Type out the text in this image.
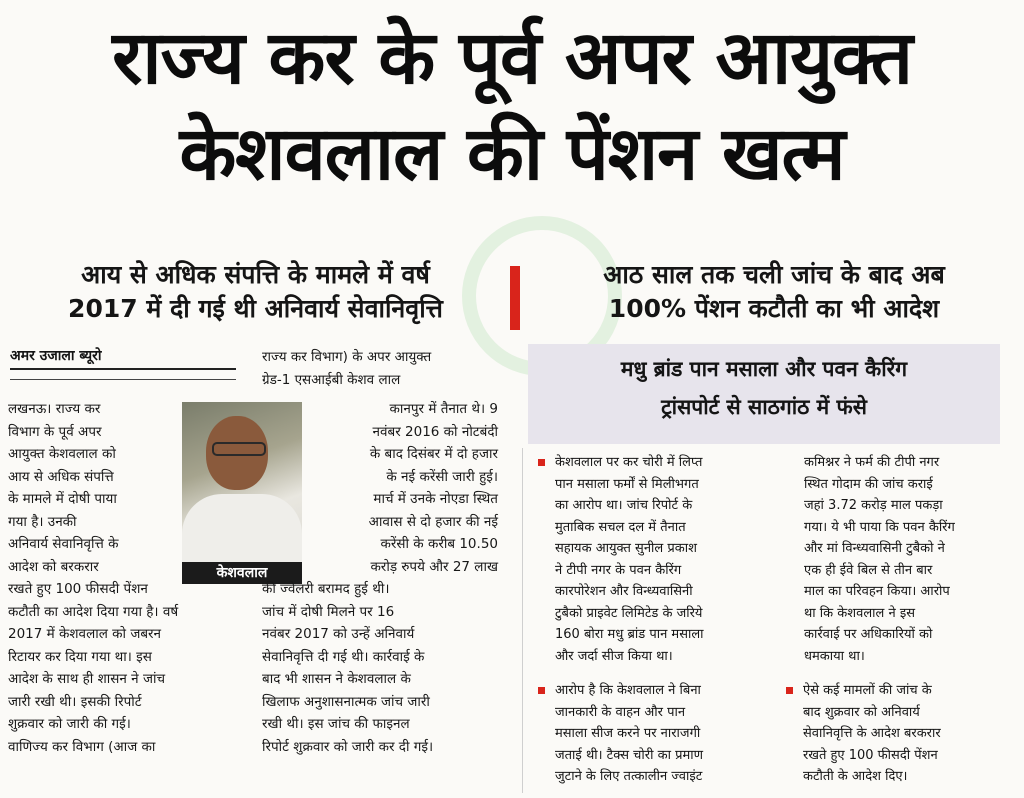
राज्य कर के पूर्व अपर आयुक्त
केशवलाल की पेंशन खत्म
आय से अधिक संपत्ति के मामले में वर्ष
2017 में दी गई थी अनिवार्य सेवानिवृत्ति
आठ साल तक चली जांच के बाद अब
100% पेंशन कटौती का भी आदेश
अमर उजाला ब्यूरो
केशवलाल

लखनऊ। राज्य कर

विभाग के पूर्व अपर

आयुक्त केशवलाल को

आय से अधिक संपत्ति

के मामले में दोषी पाया

गया है। उनकी

अनिवार्य सेवानिवृत्ति के

आदेश को बरकरार

रखते हुए 100 फीसदी पेंशन

कटौती का आदेश दिया गया है। वर्ष

2017 में केशवलाल को जबरन

रिटायर कर दिया गया था। इस

आदेश के साथ ही शासन ने जांच

जारी रखी थी। इसकी रिपोर्ट

शुक्रवार को जारी की गई।

वाणिज्य कर विभाग (आज का

राज्य कर विभाग) के अपर आयुक्त

ग्रेड-1 एसआईबी केशव लाल

कानपुर में तैनात थे। 9

नवंबर 2016 को नोटबंदी

के बाद दिसंबर में दो हजार

के नई करेंसी जारी हुई।

मार्च में उनके नोएडा स्थित

आवास से दो हजार की नई

करेंसी के करीब 10.50

करोड़ रुपये और 27 लाख

की ज्वैलरी बरामद हुई थी।

जांच में दोषी मिलने पर 16

नवंबर 2017 को उन्हें अनिवार्य

सेवानिवृत्ति दी गई थी। कार्रवाई के

बाद भी शासन ने केशवलाल के

खिलाफ अनुशासनात्मक जांच जारी

रखी थी। इस जांच की फाइनल

रिपोर्ट शुक्रवार को जारी कर दी गई।

मधु ब्रांड पान मसाला और पवन कैरिंग
ट्रांसपोर्ट से साठगांठ में फंसे
केशवलाल पर कर चोरी में लिप्त
पान मसाला फर्मों से मिलीभगत
का आरोप था। जांच रिपोर्ट के
मुताबिक सचल दल में तैनात
सहायक आयुक्त सुनील प्रकाश
ने टीपी नगर के पवन कैरिंग
कारपोरेशन और विन्ध्यवासिनी
टुबैको प्राइवेट लिमिटेड के जरिये
160 बोरा मधु ब्रांड पान मसाला
और जर्दा सीज किया था।
आरोप है कि केशवलाल ने बिना
जानकारी के वाहन और पान
मसाला सीज करने पर नाराजगी
जताई थी। टैक्स चोरी का प्रमाण
जुटाने के लिए तत्कालीन ज्वाइंट
कमिश्नर ने फर्म की टीपी नगर
स्थित गोदाम की जांच कराई
जहां 3.72 करोड़ माल पकड़ा
गया। ये भी पाया कि पवन कैरिंग
और मां विन्ध्यवासिनी टुबैको ने
एक ही ईवे बिल से तीन बार
माल का परिवहन किया। आरोप
था कि केशवलाल ने इस
कार्रवाई पर अधिकारियों को
धमकाया था।
ऐसे कई मामलों की जांच के
बाद शुक्रवार को अनिवार्य
सेवानिवृत्ति के आदेश बरकरार
रखते हुए 100 फीसदी पेंशन
कटौती के आदेश दिए।
